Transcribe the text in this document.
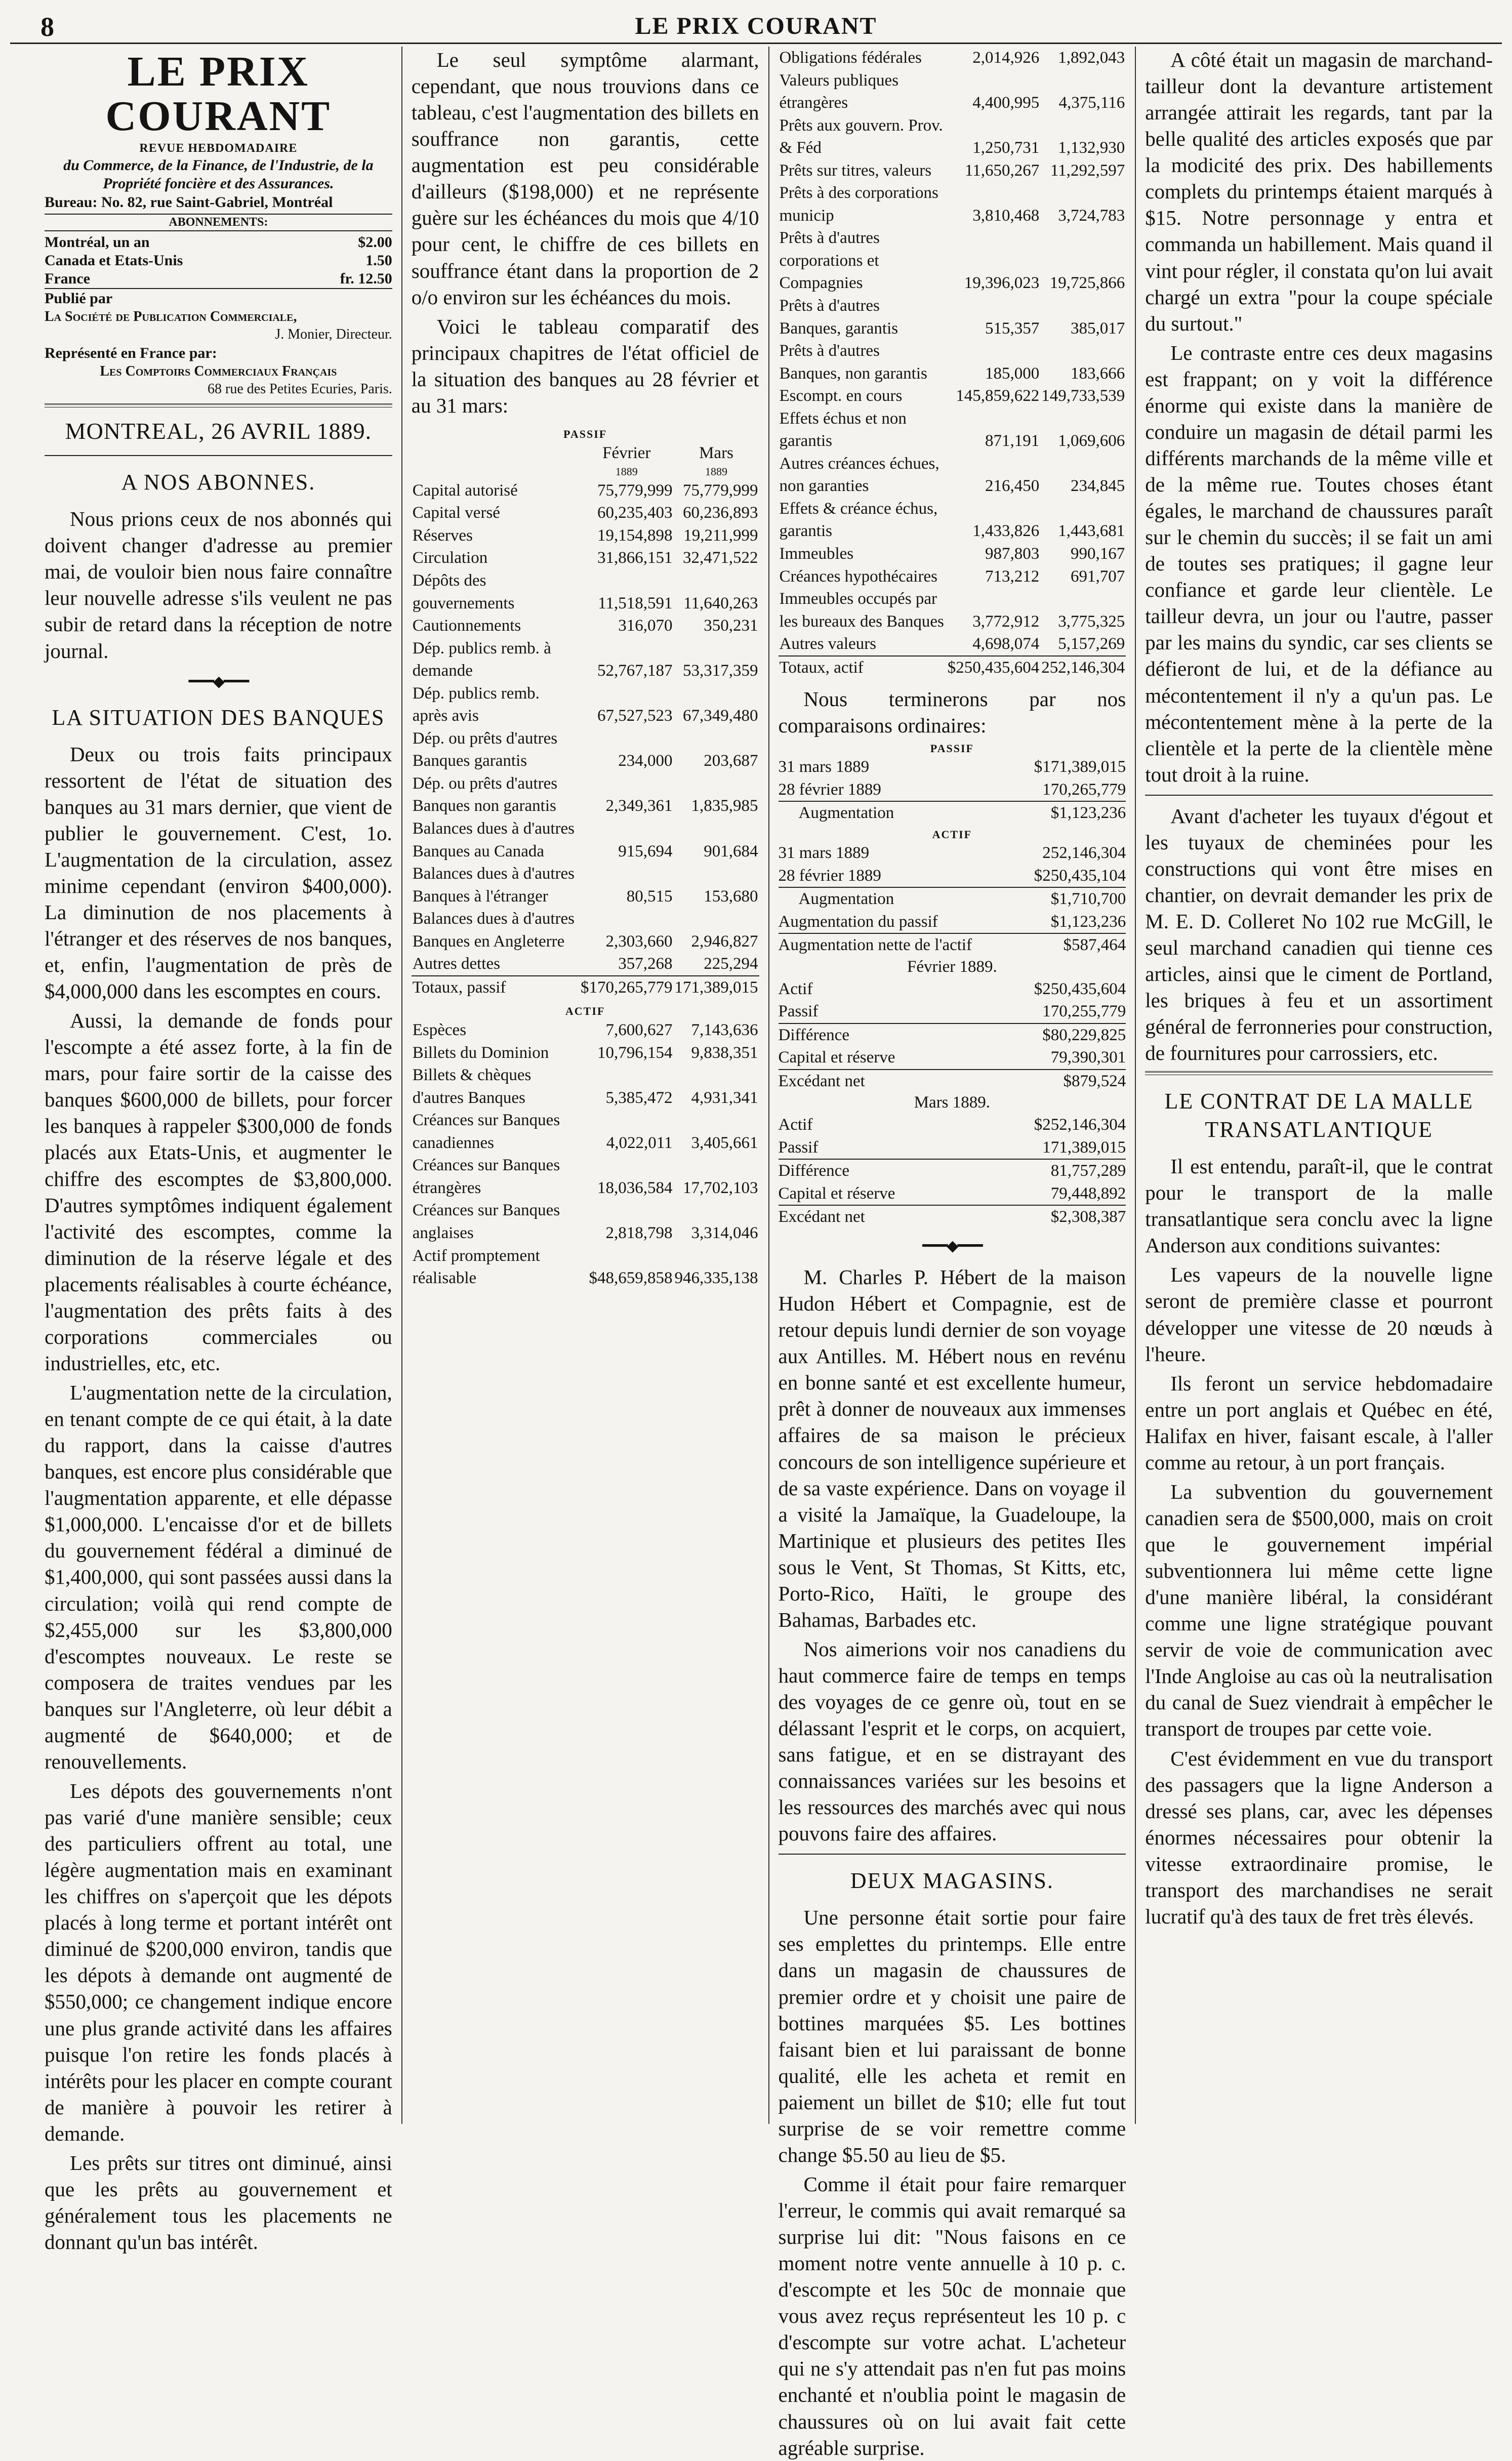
8	LE PRIX COURANT
LE PRIX COURANT
REVUE HEBDOMADAIRE
du Commerce, de la Finance, de l'Industrie, de la Propriété foncière et des Assurances.
Bureau: No. 82, rue Saint-Gabriel, Montréal
ABONNEMENTS:
Montréal, un an	$2.00
Canada et Etats-Unis	1.50
France	fr. 12.50
Publié par
La Société de Publication Commerciale,
J. Monier, Directeur.
Représenté en France par:
Les Comptoirs Commerciaux Français
68 rue des Petites Ecuries, Paris.
MONTREAL, 26 AVRIL 1889.
A NOS ABONNES.

Nous prions ceux de nos abonnés qui doivent changer d'adresse au premier mai, de vouloir bien nous faire connaître leur nouvelle adresse s'ils veulent ne pas subir de retard dans la réception de notre journal.

━━━◆━━━
LA SITUATION DES BANQUES

Deux ou trois faits principaux ressortent de l'état de situation des banques au 31 mars dernier, que vient de publier le gouvernement. C'est, 1o. L'augmentation de la circulation, assez minime cependant (environ $400,000). La diminution de nos placements à l'étranger et des réserves de nos banques, et, enfin, l'augmentation de près de $4,000,000 dans les escomptes en cours.

Aussi, la demande de fonds pour l'escompte a été assez forte, à la fin de mars, pour faire sortir de la caisse des banques $600,000 de billets, pour forcer les banques à rappeler $300,000 de fonds placés aux Etats-Unis, et augmenter le chiffre des escomptes de $3,800,000. D'autres symptômes indiquent également l'activité des escomptes, comme la diminution de la réserve légale et des placements réalisables à courte échéance, l'augmentation des prêts faits à des corporations commerciales ou industrielles, etc, etc.

L'augmentation nette de la circulation, en tenant compte de ce qui était, à la date du rapport, dans la caisse d'autres banques, est encore plus considérable que l'augmentation apparente, et elle dépasse $1,000,000. L'encaisse d'or et de billets du gouvernement fédéral a diminué de $1,400,000, qui sont passées aussi dans la circulation; voilà qui rend compte de $2,455,000 sur les $3,800,000 d'escomptes nouveaux. Le reste se composera de traites vendues par les banques sur l'Angleterre, où leur débit a augmenté de $640,000; et de renouvellements.

Les dépots des gouvernements n'ont pas varié d'une manière sensible; ceux des particuliers offrent au total, une légère augmentation mais en examinant les chiffres on s'aperçoit que les dépots placés à long terme et portant intérêt ont diminué de $200,000 environ, tandis que les dépots à demande ont augmenté de $550,000; ce changement indique encore une plus grande activité dans les affaires puisque l'on retire les fonds placés à intérêts pour les placer en compte courant de manière à pouvoir les retirer à demande.

Les prêts sur titres ont diminué, ainsi que les prêts au gouvernement et généralement tous les placements ne donnant qu'un bas intérêt.

Le seul symptôme alarmant, cependant, que nous trouvions dans ce tableau, c'est l'augmentation des billets en souffrance non garantis, cette augmentation est peu considérable d'ailleurs ($198,000) et ne représente guère sur les échéances du mois que 4/10 pour cent, le chiffre de ces billets en souffrance étant dans la proportion de 2 o/o environ sur les échéances du mois.

Voici le tableau comparatif des principaux chapitres de l'état officiel de la situation des banques au 28 février et au 31 mars:

PASSIF		
	Février	Mars
	1889	1889
Capital autorisé	75,779,999	75,779,999
Capital versé	60,235,403	60,236,893
Réserves	19,154,898	19,211,999
Circulation	31,866,151	32,471,522
Dépôts des gouvernements	11,518,591	11,640,263
Cautionnements	316,070	350,231
Dép. publics remb. à demande	52,767,187	53,317,359
Dép. publics remb. après avis	67,527,523	67,349,480
Dép. ou prêts d'autres Banques garantis	234,000	203,687
Dép. ou prêts d'autres Banques non garantis	2,349,361	1,835,985
Balances dues à d'autres Banques au Canada	915,694	901,684
Balances dues à d'autres Banques à l'étranger	80,515	153,680
Balances dues à d'autres Banques en Angleterre	2,303,660	2,946,827
Autres dettes	357,268	225,294
Totaux, passif	$170,265,779	171,389,015
ACTIF		
Espèces	7,600,627	7,143,636
Billets du Dominion	10,796,154	9,838,351
Billets & chèques d'autres Banques	5,385,472	4,931,341
Créances sur Banques canadiennes	4,022,011	3,405,661
Créances sur Banques étrangères	18,036,584	17,702,103
Créances sur Banques anglaises	2,818,798	3,314,046
Actif promptement réalisable	$48,659,858	946,335,138
Obligations fédérales	2,014,926	1,892,043
Valeurs publiques étrangères	4,400,995	4,375,116
Prêts aux gouvern. Prov. & Féd	1,250,731	1,132,930
Prêts sur titres, valeurs	11,650,267	11,292,597
Prêts à des corporations municip	3,810,468	3,724,783
Prêts à d'autres corporations et Compagnies	19,396,023	19,725,866
Prêts à d'autres Banques, garantis	515,357	385,017
Prêts à d'autres Banques, non garantis	185,000	183,666
Escompt. en cours	145,859,622	149,733,539
Effets échus et non garantis	871,191	1,069,606
Autres créances échues, non garanties	216,450	234,845
Effets & créance échus, garantis	1,433,826	1,443,681
Immeubles	987,803	990,167
Créances hypothécaires	713,212	691,707
Immeubles occupés par les bureaux des Banques	3,772,912	3,775,325
Autres valeurs	4,698,074	5,157,269
Totaux, actif	$250,435,604	252,146,304

Nous terminerons par nos comparaisons ordinaires:

PASSIF
31 mars 1889	$171,389,015
28 février 1889	170,265,779
Augmentation	$1,123,236
ACTIF
31 mars 1889	252,146,304
28 février 1889	$250,435,104
Augmentation	$1,710,700
Augmentation du passif	$1,123,236
Augmentation nette de l'actif	$587,464
Février 1889.
Actif	$250,435,604
Passif	170,255,779
Différence	$80,229,825
Capital et réserve	79,390,301
Excédant net	$879,524
Mars 1889.
Actif	$252,146,304
Passif	171,389,015
Différence	81,757,289
Capital et réserve	79,448,892
Excédant net	$2,308,387
━━━◆━━━

M. Charles P. Hébert de la maison Hudon Hébert et Compagnie, est de retour depuis lundi dernier de son voyage aux Antilles. M. Hébert nous en revénu en bonne santé et est excellente humeur, prêt à donner de nouveaux aux immenses affaires de sa maison le précieux concours de son intelligence supérieure et de sa vaste expérience. Dans on voyage il a visité la Jamaïque, la Guadeloupe, la Martinique et plusieurs des petites Iles sous le Vent, St Thomas, St Kitts, etc, Porto-Rico, Haïti, le groupe des Bahamas, Barbades etc.

Nos aimerions voir nos canadiens du haut commerce faire de temps en temps des voyages de ce genre où, tout en se délassant l'esprit et le corps, on acquiert, sans fatigue, et en se distrayant des connaissances variées sur les besoins et les ressources des marchés avec qui nous pouvons faire des affaires.

DEUX MAGASINS.

Une personne était sortie pour faire ses emplettes du printemps. Elle entre dans un magasin de chaussures de premier ordre et y choisit une paire de bottines marquées $5. Les bottines faisant bien et lui paraissant de bonne qualité, elle les acheta et remit en paiement un billet de $10; elle fut tout surprise de se voir remettre comme change $5.50 au lieu de $5.

Comme il était pour faire remarquer l'erreur, le commis qui avait remarqué sa surprise lui dit: "Nous faisons en ce moment notre vente annuelle à 10 p. c. d'escompte et les 50c de monnaie que vous avez reçus représenteut les 10 p. c d'escompte sur votre achat. L'acheteur qui ne s'y attendait pas n'en fut pas moins enchanté et n'oublia point le magasin de chaussures où on lui avait fait cette agréable surprise.

A côté était un magasin de marchand-tailleur dont la devanture artistement arrangée attirait les regards, tant par la belle qualité des articles exposés que par la modicité des prix. Des habillements complets du printemps étaient marqués à $15. Notre personnage y entra et commanda un habillement. Mais quand il vint pour régler, il constata qu'on lui avait chargé un extra "pour la coupe spéciale du surtout."

Le contraste entre ces deux magasins est frappant; on y voit la différence énorme qui existe dans la manière de conduire un magasin de détail parmi les différents marchands de la même ville et de la même rue. Toutes choses étant égales, le marchand de chaussures paraît sur le chemin du succès; il se fait un ami de toutes ses pratiques; il gagne leur confiance et garde leur clientèle. Le tailleur devra, un jour ou l'autre, passer par les mains du syndic, car ses clients se défieront de lui, et de la défiance au mécontentement il n'y a qu'un pas. Le mécontentement mène à la perte de la clientèle et la perte de la clientèle mène tout droit à la ruine.

Avant d'acheter les tuyaux d'égout et les tuyaux de cheminées pour les constructions qui vont être mises en chantier, on devrait demander les prix de M. E. D. Colleret No 102 rue McGill, le seul marchand canadien qui tienne ces articles, ainsi que le ciment de Portland, les briques à feu et un assortiment général de ferronneries pour construction, de fournitures pour carrossiers, etc.

LE CONTRAT DE LA MALLE TRANSATLANTIQUE

Il est entendu, paraît-il, que le contrat pour le transport de la malle transatlantique sera conclu avec la ligne Anderson aux conditions suivantes:

Les vapeurs de la nouvelle ligne seront de première classe et pourront développer une vitesse de 20 nœuds à l'heure.

Ils feront un service hebdomadaire entre un port anglais et Québec en été, Halifax en hiver, faisant escale, à l'aller comme au retour, à un port français.

La subvention du gouvernement canadien sera de $500,000, mais on croit que le gouvernement impérial subventionnera lui même cette ligne d'une manière libéral, la considérant comme une ligne stratégique pouvant servir de voie de communication avec l'Inde Angloise au cas où la neutralisation du canal de Suez viendrait à empêcher le transport de troupes par cette voie.

C'est évidemment en vue du transport des passagers que la ligne Anderson a dressé ses plans, car, avec les dépenses énormes nécessaires pour obtenir la vitesse extraordinaire promise, le transport des marchandises ne serait lucratif qu'à des taux de fret très élevés.
